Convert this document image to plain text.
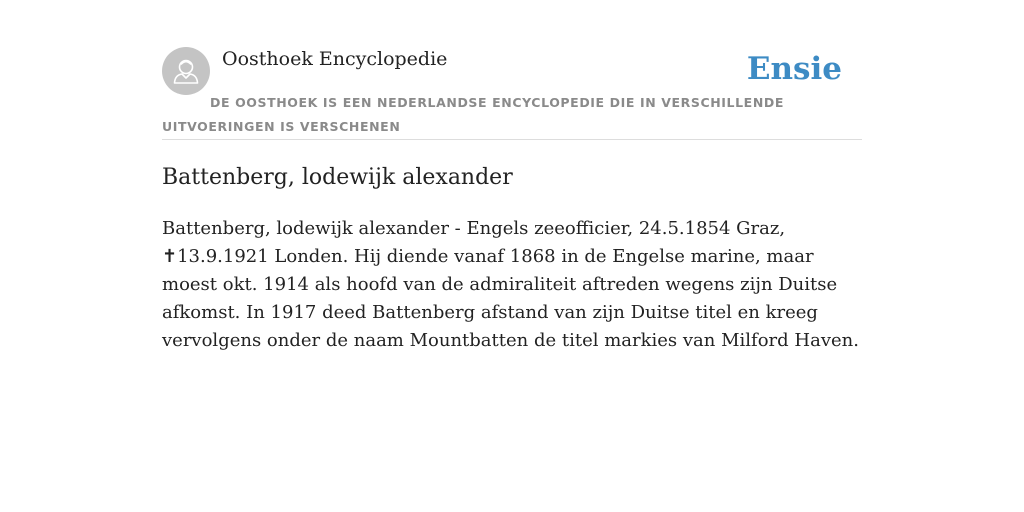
Oosthoek Encyclopedie	Ensie
DE OOSTHOEK IS EEN NEDERLANDSE ENCYCLOPEDIE DIE IN VERSCHILLENDE UITVOERINGEN IS VERSCHENEN
Battenberg, lodewijk alexander

Battenberg, lodewijk alexander - Engels zeeofficier, 24.5.1854 Graz, ✝13.9.1921 Londen. Hij diende vanaf 1868 in de Engelse marine, maar moest okt. 1914 als hoofd van de admiraliteit aftreden wegens zijn Duitse afkomst. In 1917 deed Battenberg afstand van zijn Duitse titel en kreeg vervolgens onder de naam Mountbatten de titel markies van Milford Haven.
